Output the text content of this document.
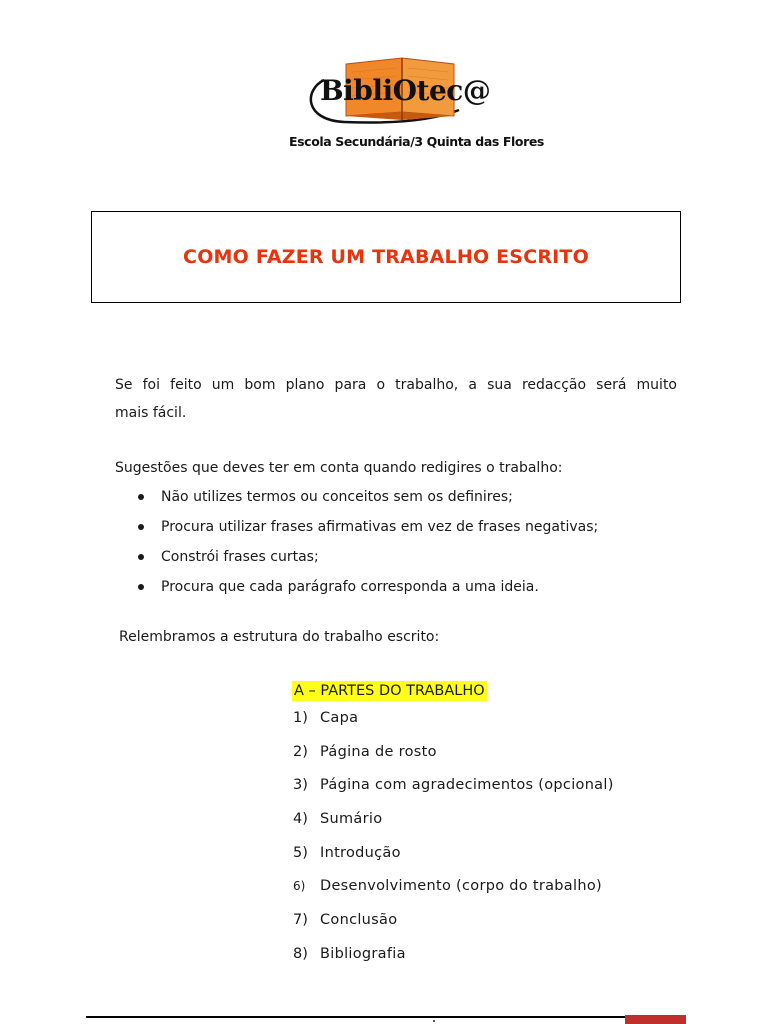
BibliOtec@
Escola Secundária/3 Quinta das Flores
COMO FAZER UM TRABALHO ESCRITO
Se foi feito um bom plano para o trabalho, a sua redacção será muito
mais fácil.
Sugestões que deves ter em conta quando redigires o trabalho:
Não utilizes termos ou conceitos sem os definires;
Procura utilizar frases afirmativas em vez de frases negativas;
Constrói frases curtas;
Procura que cada parágrafo corresponda a uma ideia.
Relembramos a estrutura do trabalho escrito:
A – PARTES DO TRABALHO
1) Capa
2) Página de rosto
3) Página com agradecimentos (opcional)
4) Sumário
5) Introdução
6) Desenvolvimento (corpo do trabalho)
7) Conclusão
8) Bibliografia
